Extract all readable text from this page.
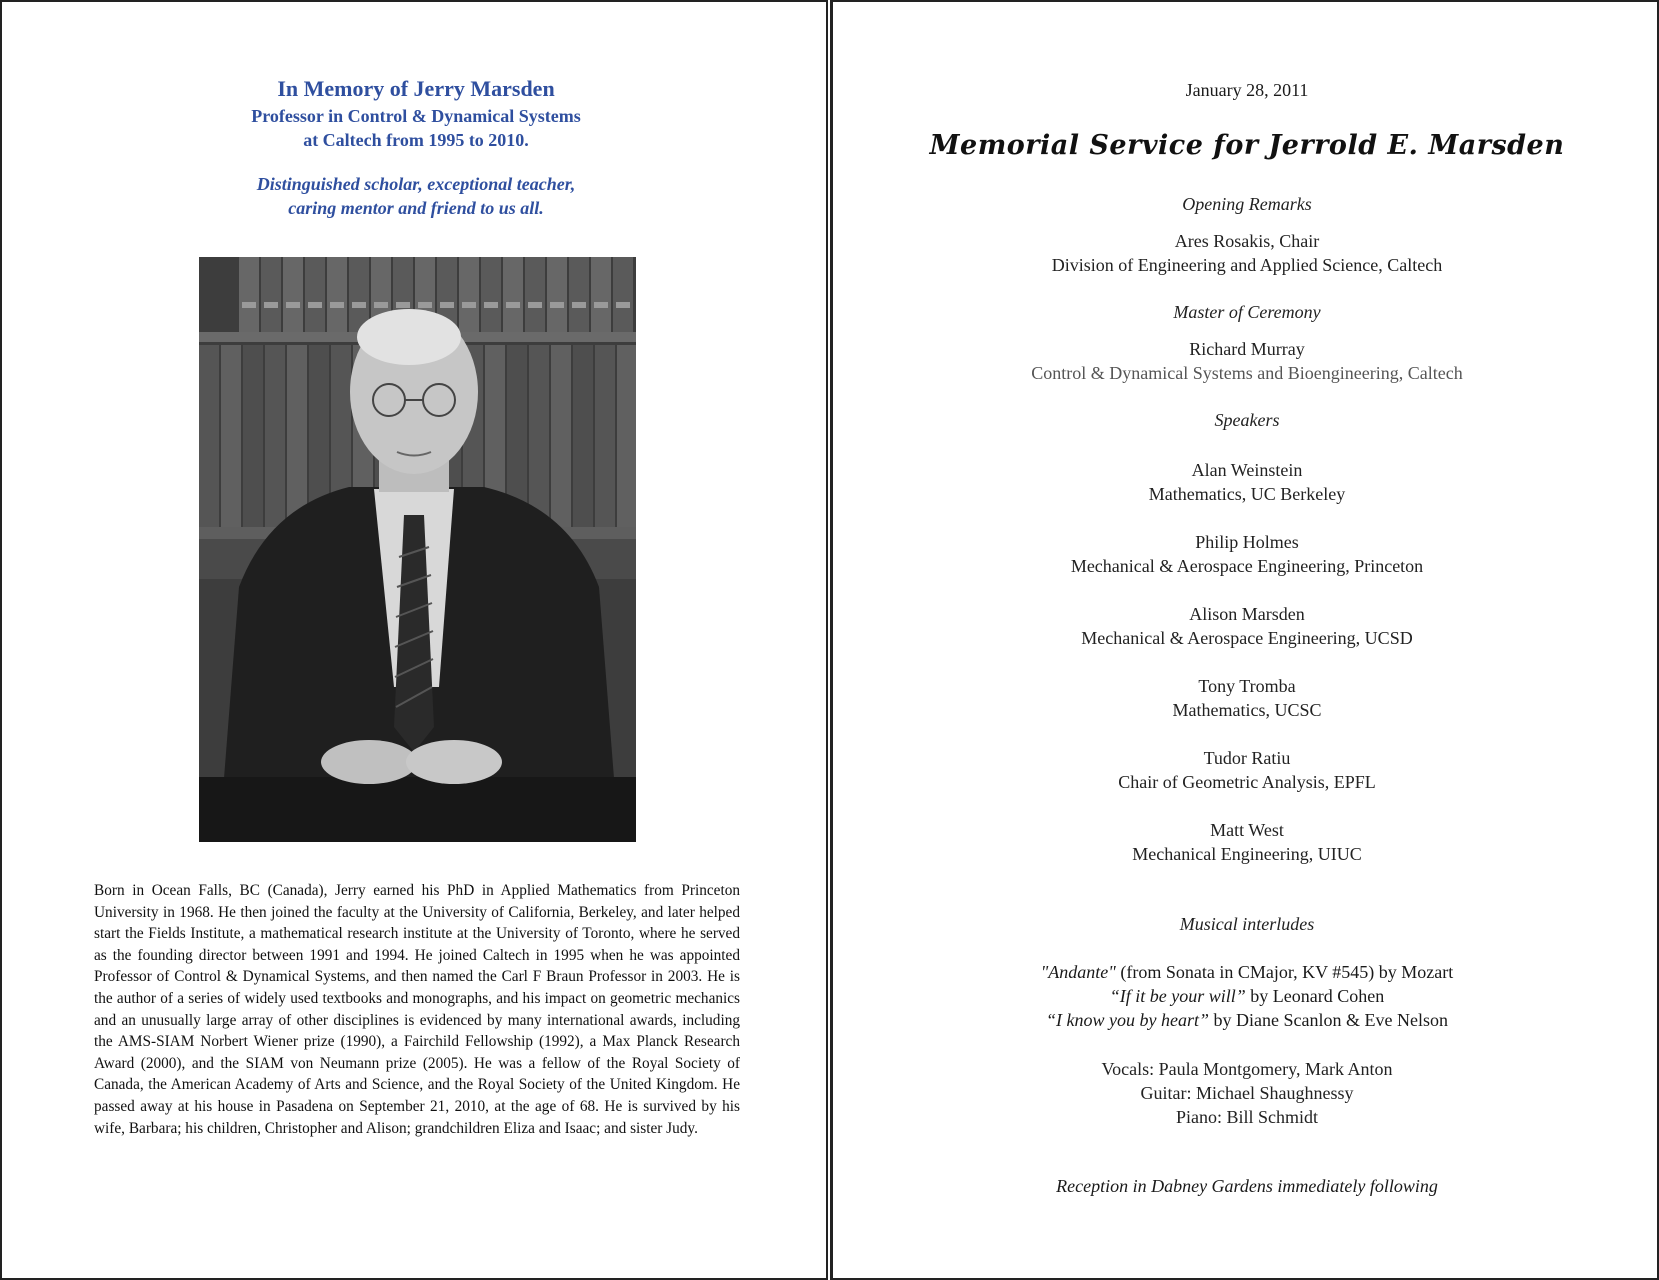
In Memory of Jerry Marsden
Professor in Control & Dynamical Systems
at Caltech from 1995 to 2010.
Distinguished scholar, exceptional teacher,
caring mentor and friend to us all.
Born in Ocean Falls, BC (Canada), Jerry earned his PhD in Applied Mathematics from Princeton University in 1968. He then joined the faculty at the University of California, Berkeley, and later helped start the Fields Institute, a mathematical research institute at the University of Toronto, where he served as the founding director between 1991 and 1994. He joined Caltech in 1995 when he was appointed Professor of Control & Dynamical Systems, and then named the Carl F Braun Professor in 2003. He is the author of a series of widely used textbooks and monographs, and his impact on geometric mechanics and an unusually large array of other disciplines is evidenced by many international awards, including the AMS-SIAM Norbert Wiener prize (1990), a Fairchild Fellowship (1992), a Max Planck Research Award (2000), and the SIAM von Neumann prize (2005). He was a fellow of the Royal Society of Canada, the American Academy of Arts and Science, and the Royal Society of the United Kingdom. He passed away at his house in Pasadena on September 21, 2010, at the age of 68. He is survived by his wife, Barbara; his children, Christopher and Alison; grandchildren Eliza and Isaac; and sister Judy.
January 28, 2011
Memorial Service for Jerrold E. Marsden
Opening Remarks
Ares Rosakis, Chair
Division of Engineering and Applied Science, Caltech
Master of Ceremony
Richard Murray
Control & Dynamical Systems and Bioengineering, Caltech
Speakers
Alan Weinstein
Mathematics, UC Berkeley
Philip Holmes
Mechanical & Aerospace Engineering, Princeton
Alison Marsden
Mechanical & Aerospace Engineering, UCSD
Tony Tromba
Mathematics, UCSC
Tudor Ratiu
Chair of Geometric Analysis, EPFL
Matt West
Mechanical Engineering, UIUC
Musical interludes
"Andante" (from Sonata in CMajor, KV #545) by Mozart
“If it be your will” by Leonard Cohen
“I know you by heart” by Diane Scanlon & Eve Nelson
Vocals: Paula Montgomery, Mark Anton
Guitar: Michael Shaughnessy
Piano: Bill Schmidt
Reception in Dabney Gardens immediately following
